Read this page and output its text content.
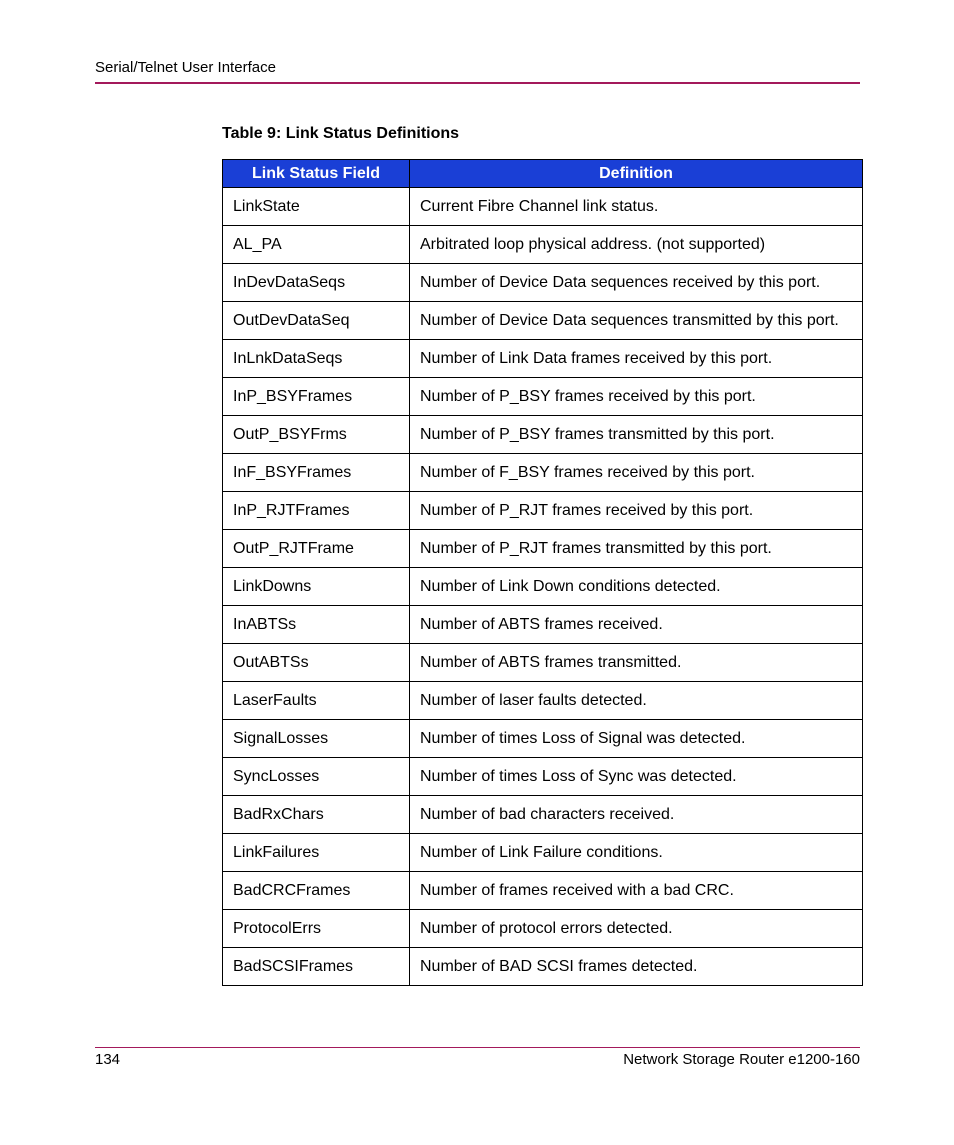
Serial/Telnet User Interface
Table 9: Link Status Definitions
Link Status Field	Definition
LinkState	Current Fibre Channel link status.
AL_PA	Arbitrated loop physical address. (not supported)
InDevDataSeqs	Number of Device Data sequences received by this port.
OutDevDataSeq	Number of Device Data sequences transmitted by this port.
InLnkDataSeqs	Number of Link Data frames received by this port.
InP_BSYFrames	Number of P_BSY frames received by this port.
OutP_BSYFrms	Number of P_BSY frames transmitted by this port.
InF_BSYFrames	Number of F_BSY frames received by this port.
InP_RJTFrames	Number of P_RJT frames received by this port.
OutP_RJTFrame	Number of P_RJT frames transmitted by this port.
LinkDowns	Number of Link Down conditions detected.
InABTSs	Number of ABTS frames received.
OutABTSs	Number of ABTS frames transmitted.
LaserFaults	Number of laser faults detected.
SignalLosses	Number of times Loss of Signal was detected.
SyncLosses	Number of times Loss of Sync was detected.
BadRxChars	Number of bad characters received.
LinkFailures	Number of Link Failure conditions.
BadCRCFrames	Number of frames received with a bad CRC.
ProtocolErrs	Number of protocol errors detected.
BadSCSIFrames	Number of BAD SCSI frames detected.
134	Network Storage Router e1200-160
